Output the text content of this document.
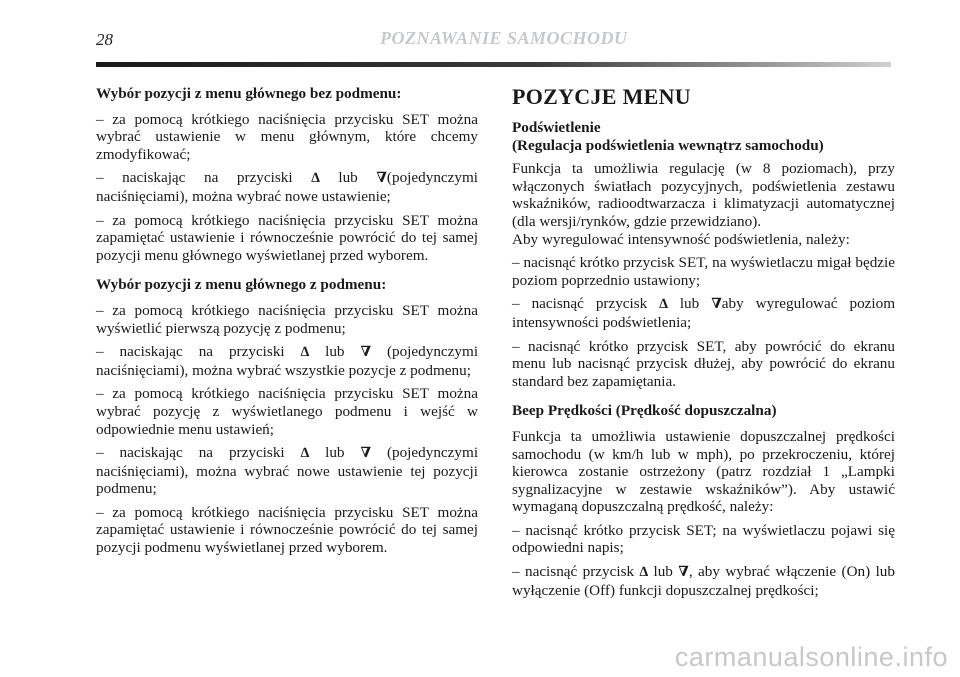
28	POZNAWANIE SAMOCHODU
Wybór pozycji z menu głównego bez podmenu:

– za pomocą krótkiego naciśnięcia przycisku SET można wybrać ustawienie w menu głównym, które chcemy zmodyfikować;

– naciskając na przyciski ∆ lub ∇(pojedynczymi naciśnięciami), można wybrać nowe ustawienie;

– za pomocą krótkiego naciśnięcia przycisku SET można zapamiętać ustawienie i równocześnie powrócić do tej samej pozycji menu głównego wyświetlanej przed wyborem.

Wybór pozycji z menu głównego z podmenu:

– za pomocą krótkiego naciśnięcia przycisku SET można wyświetlić pierwszą pozycję z podmenu;

– naciskając na przyciski ∆ lub ∇ (pojedynczymi naciśnięciami), można wybrać wszystkie pozycje z podmenu;

– za pomocą krótkiego naciśnięcia przycisku SET można wybrać pozycję z wyświetlanego podmenu i wejść w odpowiednie menu ustawień;

– naciskając na przyciski ∆ lub ∇ (pojedynczymi naciśnięciami), można wybrać nowe ustawienie tej pozycji podmenu;

– za pomocą krótkiego naciśnięcia przycisku SET można zapamiętać ustawienie i równocześnie powrócić do tej samej pozycji podmenu wyświetlanej przed wyborem.

POZYCJE MENU
Podświetlenie
(Regulacja podświetlenia wewnątrz samochodu)

Funkcja ta umożliwia regulację (w 8 poziomach), przy włączonych światłach pozycyjnych, podświetlenia zestawu wskaźników, radioodtwarzacza i klimatyzacji automatycznej (dla wersji/rynków, gdzie przewidziano).

Aby wyregulować intensywność podświetlenia, należy:

– nacisnąć krótko przycisk SET, na wyświetlaczu migał będzie poziom poprzednio ustawiony;

– nacisnąć przycisk ∆ lub ∇aby wyregulować poziom intensywności podświetlenia;

– nacisnąć krótko przycisk SET, aby powrócić do ekranu menu lub nacisnąć przycisk dłużej, aby powrócić do ekranu standard bez zapamiętania.

Beep Prędkości (Prędkość dopuszczalna)

Funkcja ta umożliwia ustawienie dopuszczalnej prędkości samochodu (w km/h lub w mph), po przekroczeniu, której kierowca zostanie ostrzeżony (patrz rozdział 1 „Lampki sygnalizacyjne w zestawie wskaźników”). Aby ustawić wymaganą dopuszczalną prędkość, należy:

– nacisnąć krótko przycisk SET; na wyświetlaczu pojawi się odpowiedni napis;

– nacisnąć przycisk ∆ lub ∇, aby wybrać włączenie (On) lub wyłączenie (Off) funkcji dopuszczalnej prędkości;

carmanualsonline.info
